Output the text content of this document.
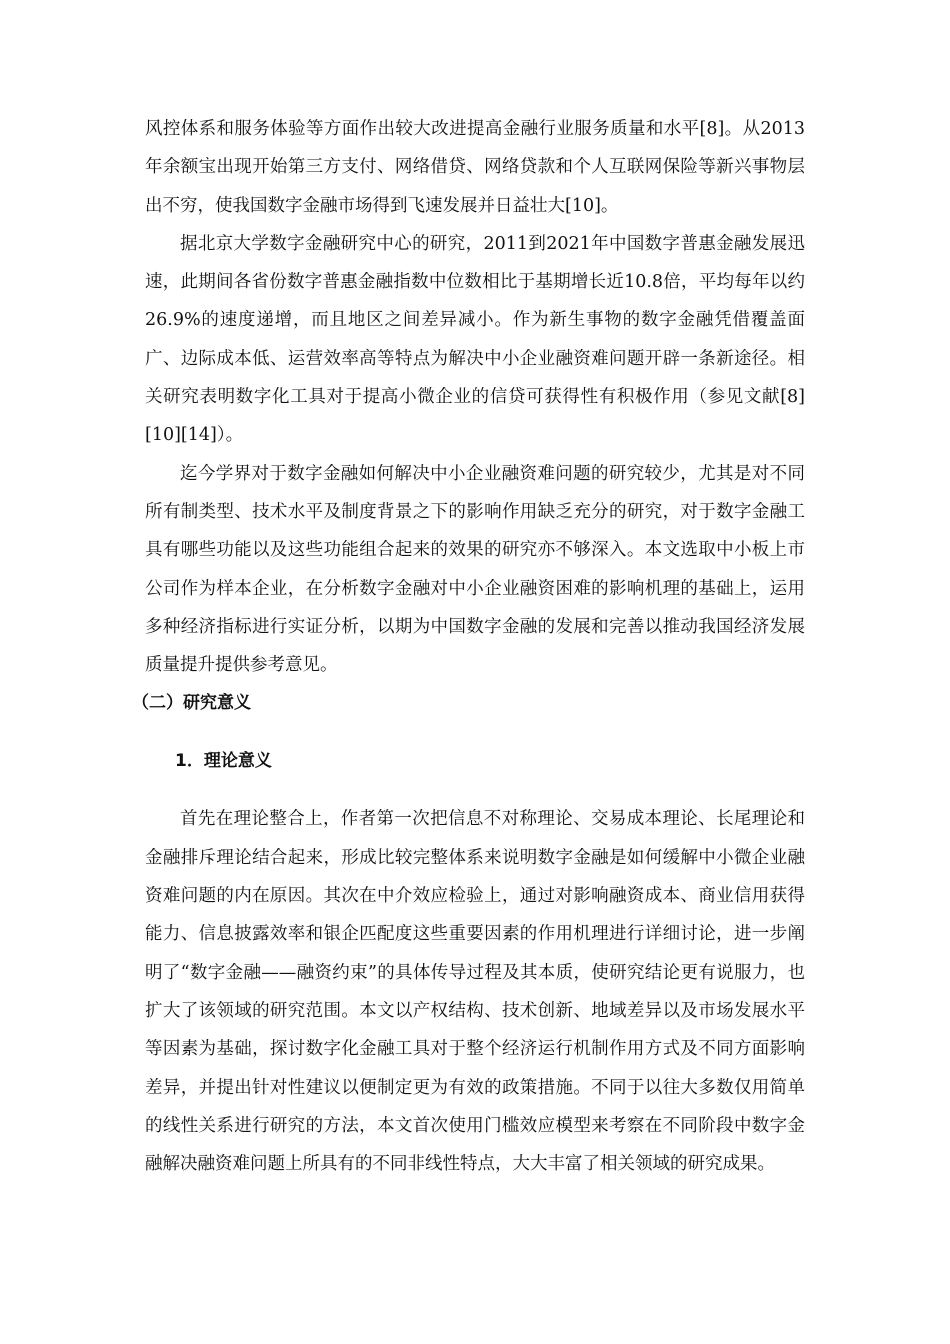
风控体系和服务体验等方面作出较大改进提高金融行业服务质量和水平[8]。从2013年余额宝出现开始第三方支付、网络借贷、网络贷款和个人互联网保险等新兴事物层出不穷，使我国数字金融市场得到飞速发展并日益壮大[10]。

据北京大学数字金融研究中心的研究，2011到2021年中国数字普惠金融发展迅速，此期间各省份数字普惠金融指数中位数相比于基期增长近10.8倍，平均每年以约26.9%的速度递增，而且地区之间差异减小。作为新生事物的数字金融凭借覆盖面广、边际成本低、运营效率高等特点为解决中小企业融资难问题开辟一条新途径。相关研究表明数字化工具对于提高小微企业的信贷可获得性有积极作用（参见文献[8][10][14]）。

迄今学界对于数字金融如何解决中小企业融资难问题的研究较少，尤其是对不同所有制类型、技术水平及制度背景之下的影响作用缺乏充分的研究，对于数字金融工具有哪些功能以及这些功能组合起来的效果的研究亦不够深入。本文选取中小板上市公司作为样本企业，在分析数字金融对中小企业融资困难的影响机理的基础上，运用多种经济指标进行实证分析，以期为中国数字金融的发展和完善以推动我国经济发展质量提升提供参考意见。

（二）研究意义

1．理论意义

首先在理论整合上，作者第一次把信息不对称理论、交易成本理论、长尾理论和金融排斥理论结合起来，形成比较完整体系来说明数字金融是如何缓解中小微企业融资难问题的内在原因。其次在中介效应检验上，通过对影响融资成本、商业信用获得能力、信息披露效率和银企匹配度这些重要因素的作用机理进行详细讨论，进一步阐明了“数字金融——融资约束”的具体传导过程及其本质，使研究结论更有说服力，也扩大了该领域的研究范围。本文以产权结构、技术创新、地域差异以及市场发展水平等因素为基础，探讨数字化金融工具对于整个经济运行机制作用方式及不同方面影响差异，并提出针对性建议以便制定更为有效的政策措施。不同于以往大多数仅用简单的线性关系进行研究的方法，本文首次使用门槛效应模型来考察在不同阶段中数字金融解决融资难问题上所具有的不同非线性特点，大大丰富了相关领域的研究成果。
